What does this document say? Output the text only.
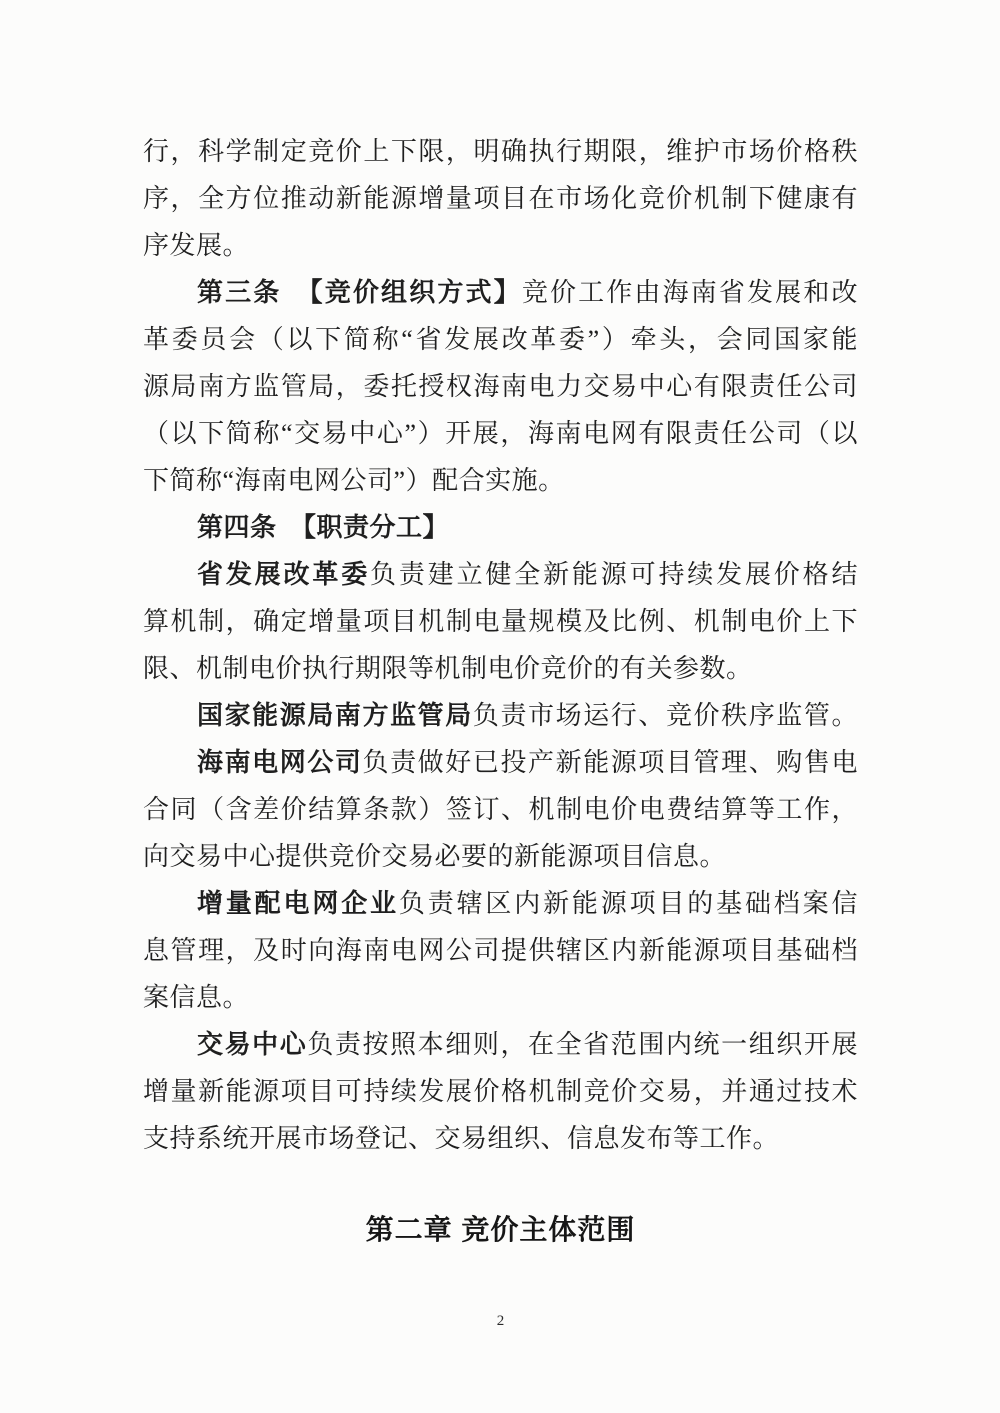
行，科学制定竞价上下限，明确执行期限，维护市场价格秩
序，全方位推动新能源增量项目在市场化竞价机制下健康有
序发展。
第三条　【竞价组织方式】竞价工作由海南省发展和改
革委员会（以下简称“省发展改革委”）牵头，会同国家能
源局南方监管局，委托授权海南电力交易中心有限责任公司
（以下简称“交易中心”）开展，海南电网有限责任公司（以
下简称“海南电网公司”）配合实施。
第四条　【职责分工】
省发展改革委负责建立健全新能源可持续发展价格结
算机制，确定增量项目机制电量规模及比例、机制电价上下
限、机制电价执行期限等机制电价竞价的有关参数。
国家能源局南方监管局负责市场运行、竞价秩序监管。
海南电网公司负责做好已投产新能源项目管理、购售电
合同（含差价结算条款）签订、机制电价电费结算等工作，
向交易中心提供竞价交易必要的新能源项目信息。
增量配电网企业负责辖区内新能源项目的基础档案信
息管理，及时向海南电网公司提供辖区内新能源项目基础档
案信息。
交易中心负责按照本细则，在全省范围内统一组织开展
增量新能源项目可持续发展价格机制竞价交易，并通过技术
支持系统开展市场登记、交易组织、信息发布等工作。
第二章 竞价主体范围
2
